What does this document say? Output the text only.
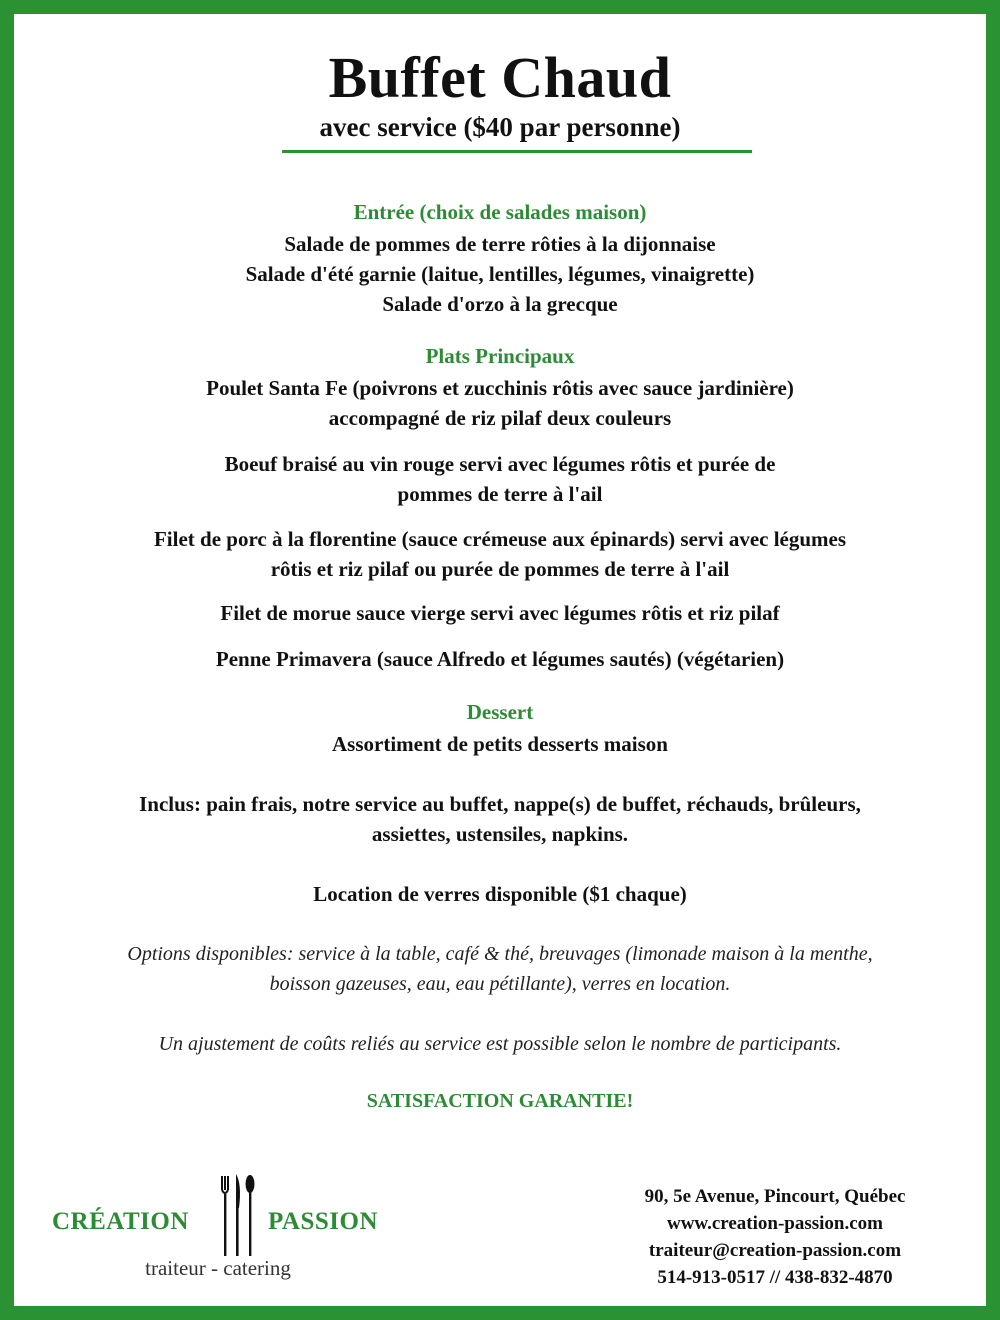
Buffet Chaud
avec service ($40 par personne)
Entrée (choix de salades maison)
Salade de pommes de terre rôties à la dijonnaise
Salade d'été garnie (laitue, lentilles, légumes, vinaigrette)
Salade d'orzo à la grecque
Plats Principaux
Poulet Santa Fe (poivrons et zucchinis rôtis avec sauce jardinière)
accompagné de riz pilaf deux couleurs
Boeuf braisé au vin rouge servi avec légumes rôtis et purée de
pommes de terre à l'ail
Filet de porc à la florentine (sauce crémeuse aux épinards) servi avec légumes
rôtis et riz pilaf ou purée de pommes de terre à l'ail
Filet de morue sauce vierge servi avec légumes rôtis et riz pilaf
Penne Primavera (sauce Alfredo et légumes sautés) (végétarien)
Dessert
Assortiment de petits desserts maison
Inclus: pain frais, notre service au buffet, nappe(s) de buffet, réchauds, brûleurs,
assiettes, ustensiles, napkins.
Location de verres disponible ($1 chaque)
Options disponibles: service à la table, café & thé, breuvages (limonade maison à la menthe,
boisson gazeuses, eau, eau pétillante), verres en location.
Un ajustement de coûts reliés au service est possible selon le nombre de participants.
SATISFACTION GARANTIE!
CRÉATION	PASSION
traiteur - catering
90, 5e Avenue, Pincourt, Québec
www.creation-passion.com
traiteur@creation-passion.com
514-913-0517 // 438-832-4870
